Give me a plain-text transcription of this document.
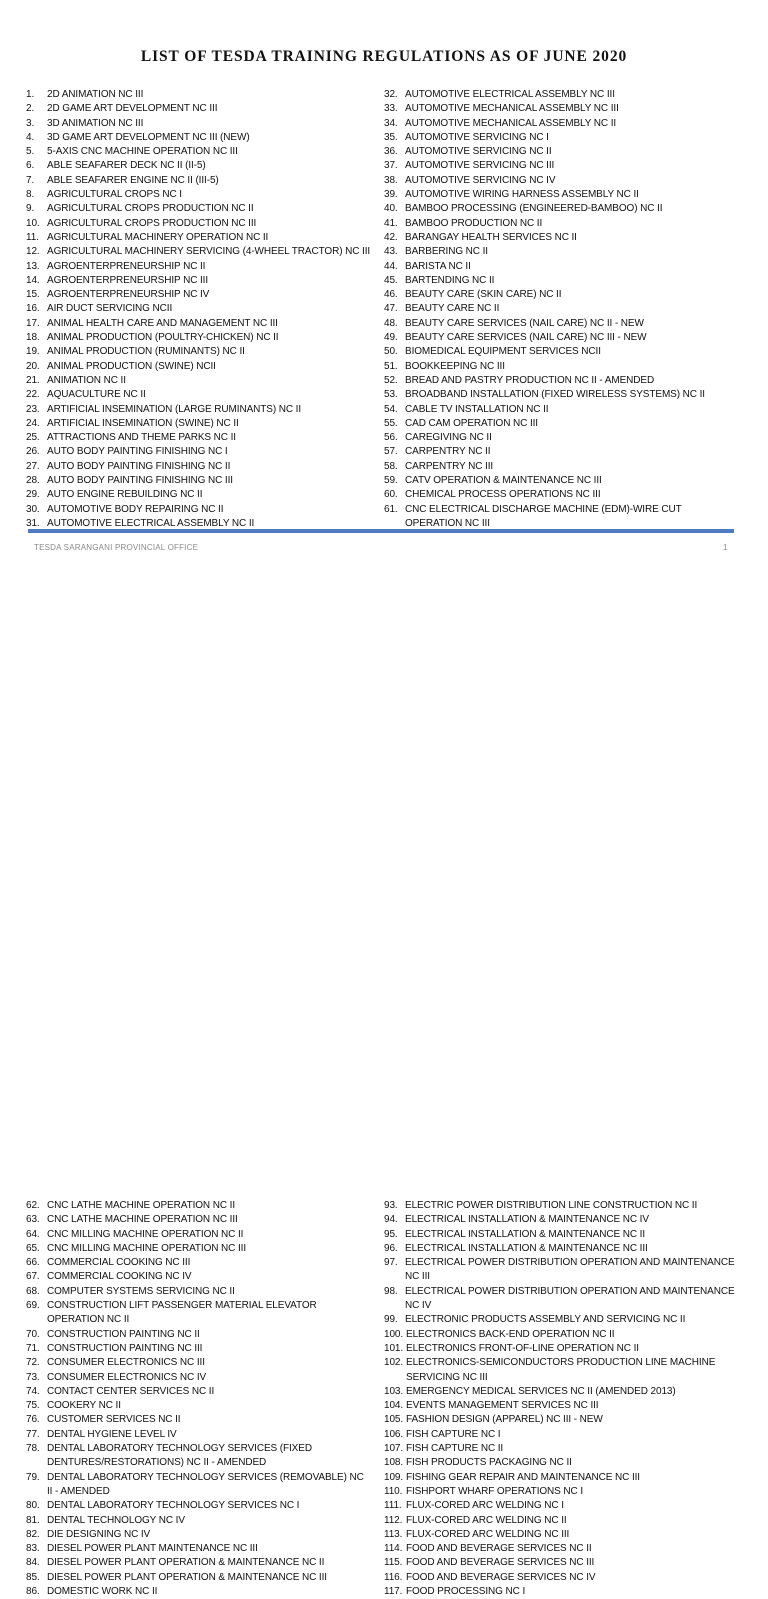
LIST OF TESDA TRAINING REGULATIONS AS OF JUNE 2020
1.	2D ANIMATION NC III
2.	2D GAME ART DEVELOPMENT NC III
3.	3D ANIMATION NC III
4.	3D GAME ART DEVELOPMENT NC III (NEW)
5.	5-AXIS CNC MACHINE OPERATION NC III
6.	ABLE SEAFARER DECK NC II (II-5)
7.	ABLE SEAFARER ENGINE NC II (III-5)
8.	AGRICULTURAL CROPS NC I
9.	AGRICULTURAL CROPS PRODUCTION NC II
10. AGRICULTURAL CROPS PRODUCTION NC III
11. AGRICULTURAL MACHINERY OPERATION NC II
12. AGRICULTURAL MACHINERY SERVICING (4-WHEEL TRACTOR) NC III
13. AGROENTERPRENEURSHIP NC II
14. AGROENTERPRENEURSHIP NC III
15. AGROENTERPRENEURSHIP NC IV
16. AIR DUCT SERVICING NCII
17. ANIMAL HEALTH CARE AND MANAGEMENT NC III
18. ANIMAL PRODUCTION (POULTRY-CHICKEN) NC II
19. ANIMAL PRODUCTION (RUMINANTS) NC II
20. ANIMAL PRODUCTION (SWINE) NCII
21. ANIMATION NC II
22. AQUACULTURE NC II
23. ARTIFICIAL INSEMINATION (LARGE RUMINANTS) NC II
24. ARTIFICIAL INSEMINATION (SWINE) NC II
25. ATTRACTIONS AND THEME PARKS NC II
26. AUTO BODY PAINTING FINISHING NC I
27. AUTO BODY PAINTING FINISHING NC II
28. AUTO BODY PAINTING FINISHING NC III
29. AUTO ENGINE REBUILDING NC II
30. AUTOMOTIVE BODY REPAIRING NC II
31. AUTOMOTIVE ELECTRICAL ASSEMBLY NC II
32. AUTOMOTIVE ELECTRICAL ASSEMBLY NC III
33. AUTOMOTIVE MECHANICAL ASSEMBLY NC III
34. AUTOMOTIVE MECHANICAL ASSEMBLY NC II
35. AUTOMOTIVE SERVICING NC I
36. AUTOMOTIVE SERVICING NC II
37. AUTOMOTIVE SERVICING NC III
38. AUTOMOTIVE SERVICING NC IV
39. AUTOMOTIVE WIRING HARNESS ASSEMBLY NC II
40. BAMBOO PROCESSING (ENGINEERED-BAMBOO) NC II
41. BAMBOO PRODUCTION NC II
42. BARANGAY HEALTH SERVICES NC II
43. BARBERING NC II
44. BARISTA NC II
45. BARTENDING NC II
46. BEAUTY CARE (SKIN CARE) NC II
47. BEAUTY CARE NC II
48. BEAUTY CARE SERVICES (NAIL CARE) NC II - NEW
49. BEAUTY CARE SERVICES (NAIL CARE) NC III - NEW
50. BIOMEDICAL EQUIPMENT SERVICES NCII
51. BOOKKEEPING NC III
52. BREAD AND PASTRY PRODUCTION NC II - AMENDED
53. BROADBAND INSTALLATION (FIXED WIRELESS SYSTEMS) NC II
54. CABLE TV INSTALLATION NC II
55. CAD CAM OPERATION NC III
56. CAREGIVING NC II
57. CARPENTRY NC II
58. CARPENTRY NC III
59. CATV OPERATION & MAINTENANCE NC III
60. CHEMICAL PROCESS OPERATIONS NC III
61. CNC ELECTRICAL DISCHARGE MACHINE (EDM)-WIRE CUT OPERATION NC III
TESDA SARANGANI PROVINCIAL OFFICE	1
62. CNC LATHE MACHINE OPERATION NC II
63. CNC LATHE MACHINE OPERATION NC III
64. CNC MILLING MACHINE OPERATION NC II
65. CNC MILLING MACHINE OPERATION NC III
66. COMMERCIAL COOKING NC III
67. COMMERCIAL COOKING NC IV
68. COMPUTER SYSTEMS SERVICING NC II
69. CONSTRUCTION LIFT PASSENGER MATERIAL ELEVATOR OPERATION NC II
70. CONSTRUCTION PAINTING NC II
71. CONSTRUCTION PAINTING NC III
72. CONSUMER ELECTRONICS NC III
73. CONSUMER ELECTRONICS NC IV
74. CONTACT CENTER SERVICES NC II
75. COOKERY NC II
76. CUSTOMER SERVICES NC II
77. DENTAL HYGIENE LEVEL IV
78. DENTAL LABORATORY TECHNOLOGY SERVICES (FIXED DENTURES/RESTORATIONS) NC II - AMENDED
79. DENTAL LABORATORY TECHNOLOGY SERVICES (REMOVABLE) NC II - AMENDED
80. DENTAL LABORATORY TECHNOLOGY SERVICES NC I
81. DENTAL TECHNOLOGY NC IV
82. DIE DESIGNING NC IV
83. DIESEL POWER PLANT MAINTENANCE NC III
84. DIESEL POWER PLANT OPERATION & MAINTENANCE NC II
85. DIESEL POWER PLANT OPERATION & MAINTENANCE NC III
86. DOMESTIC WORK NC II
93. ELECTRIC POWER DISTRIBUTION LINE CONSTRUCTION NC II
94. ELECTRICAL INSTALLATION & MAINTENANCE NC IV
95. ELECTRICAL INSTALLATION & MAINTENANCE NC II
96. ELECTRICAL INSTALLATION & MAINTENANCE NC III
97. ELECTRICAL POWER DISTRIBUTION OPERATION AND MAINTENANCE NC III
98. ELECTRICAL POWER DISTRIBUTION OPERATION AND MAINTENANCE NC IV
99. ELECTRONIC PRODUCTS ASSEMBLY AND SERVICING NC II
100. ELECTRONICS BACK-END OPERATION NC II
101. ELECTRONICS FRONT-OF-LINE OPERATION NC II
102. ELECTRONICS-SEMICONDUCTORS PRODUCTION LINE MACHINE SERVICING NC III
103. EMERGENCY MEDICAL SERVICES NC II (AMENDED 2013)
104. EVENTS MANAGEMENT SERVICES NC III
105. FASHION DESIGN (APPAREL) NC III - NEW
106. FISH CAPTURE NC I
107. FISH CAPTURE NC II
108. FISH PRODUCTS PACKAGING NC II
109. FISHING GEAR REPAIR AND MAINTENANCE NC III
110. FISHPORT WHARF OPERATIONS NC I
111. FLUX-CORED ARC WELDING NC I
112. FLUX-CORED ARC WELDING NC II
113. FLUX-CORED ARC WELDING NC III
114. FOOD AND BEVERAGE SERVICES NC II
115. FOOD AND BEVERAGE SERVICES NC III
116. FOOD AND BEVERAGE SERVICES NC IV
117. FOOD PROCESSING NC I
